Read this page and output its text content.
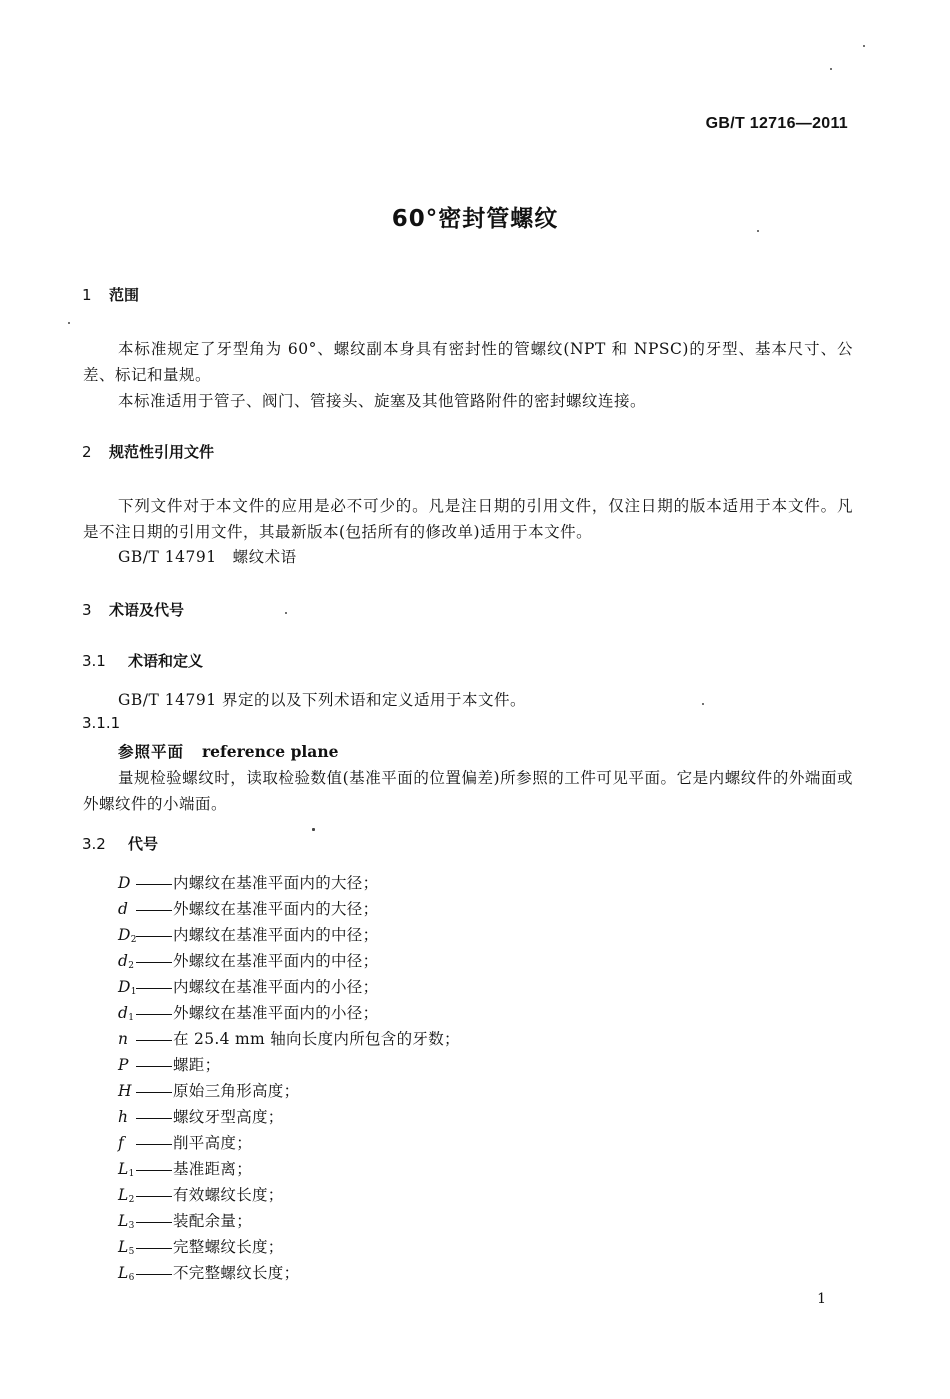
GB/T 12716—2011
60°密封管螺纹
1 范围
本标准规定了牙型角为 60°、螺纹副本身具有密封性的管螺纹(NPT 和 NPSC)的牙型、基本尺寸、公差、标记和量规。
本标准适用于管子、阀门、管接头、旋塞及其他管路附件的密封螺纹连接。
2 规范性引用文件
下列文件对于本文件的应用是必不可少的。凡是注日期的引用文件，仅注日期的版本适用于本文件。凡是不注日期的引用文件，其最新版本(包括所有的修改单)适用于本文件。
GB/T 14791　螺纹术语
3 术语及代号
3.1 术语和定义
GB/T 14791 界定的以及下列术语和定义适用于本文件。
3.1.1
参照平面 reference plane
量规检验螺纹时，读取检验数值(基准平面的位置偏差)所参照的工件可见平面。它是内螺纹件的外端面或外螺纹件的小端面。
3.2 代号
D	内螺纹在基准平面内的大径；
d	外螺纹在基准平面内的大径；
$D_2$ 内螺纹在基准平面内的中径；
$d_2$ 外螺纹在基准平面内的中径；
$D_1$ 内螺纹在基准平面内的小径；
$d_1$ 外螺纹在基准平面内的小径；
n	在 25.4 mm 轴向长度内所包含的牙数；
P	螺距；
H	原始三角形高度；
h	螺纹牙型高度；
f	削平高度；
$L_1$ 基准距离；
$L_2$ 有效螺纹长度；
$L_3$ 装配余量；
$L_5$ 完整螺纹长度；
$L_6$ 不完整螺纹长度；
1
